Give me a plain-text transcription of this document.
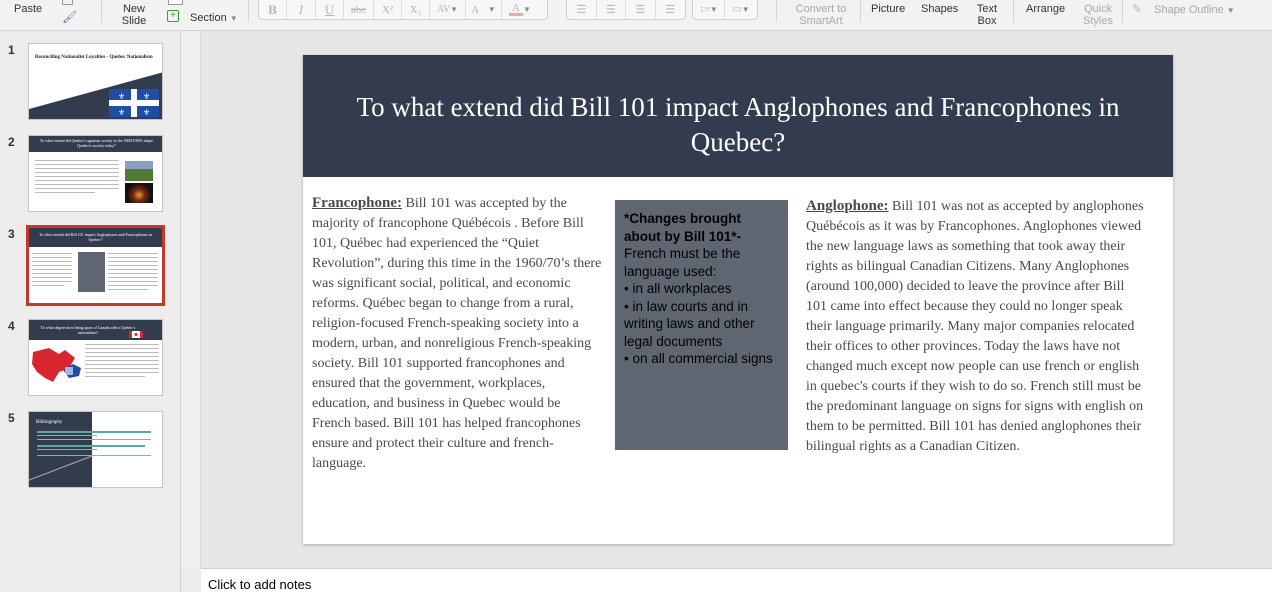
Paste
🖌
New
Slide	+ Section ▼
B	I	U	abc	X²	X₂	AV ▼ A⃝ ▼ A ▼	☰	☰	☰	☰	↕≡ ▼ ▭ ▼	Convert to
SmartArt
Picture Shapes	Text
Box
Arrange	Quick
Styles
✎ Shape Outline ▼
1
Reconciling Nationalist Loyalties - Quebec Nationalism
⚜ ⚜
⚜ ⚜
2	To what extend did Quebec's agrarian society in the 1800/1900's shape Quebec's society today?
3	To what extend did Bill 101 impact Anglophones and Francophones in Quebec?
4	To what degree does being apart of Canada affect Quebec's nationalism?
5	Bibliography
To what extend did Bill 101 impact Anglophones and Francophones in Quebec?
Francophone: Bill 101 was accepted by the majority of francophone Québécois . Before Bill 101, Québec had experienced the “Quiet Revolution”, during this time in the 1960/70’s there was significant social, political, and economic reforms. Québec began to change from a rural, religion-focused French-speaking society into a modern, urban, and nonreligious French-speaking society. Bill 101 supported francophones and ensured that the government, workplaces, education, and business in Quebec would be French based. Bill 101 has helped francophones ensure and protect their culture and french- language.
*Changes brought about by Bill 101*-
French must be the language used:
• in all workplaces
• in law courts and in writing laws and other legal documents
• on all commercial signs
Anglophone: Bill 101 was not as accepted by anglophones Québécois as it was by Francophones. Anglophones viewed the new language laws as something that took away their rights as bilingual Canadian Citizens. Many Anglophones (around 100,000) decided to leave the province after Bill 101 came into effect because they could no longer speak their language primarily. Many major companies relocated their offices to other provinces. Today the laws have not changed much except now people can use french or english in quebec's courts if they wish to do so. French still must be the predominant language on signs for signs with english on them to be permitted. Bill 101 has denied anglophones their bilingual rights as a Canadian Citizen.
Click to add notes
